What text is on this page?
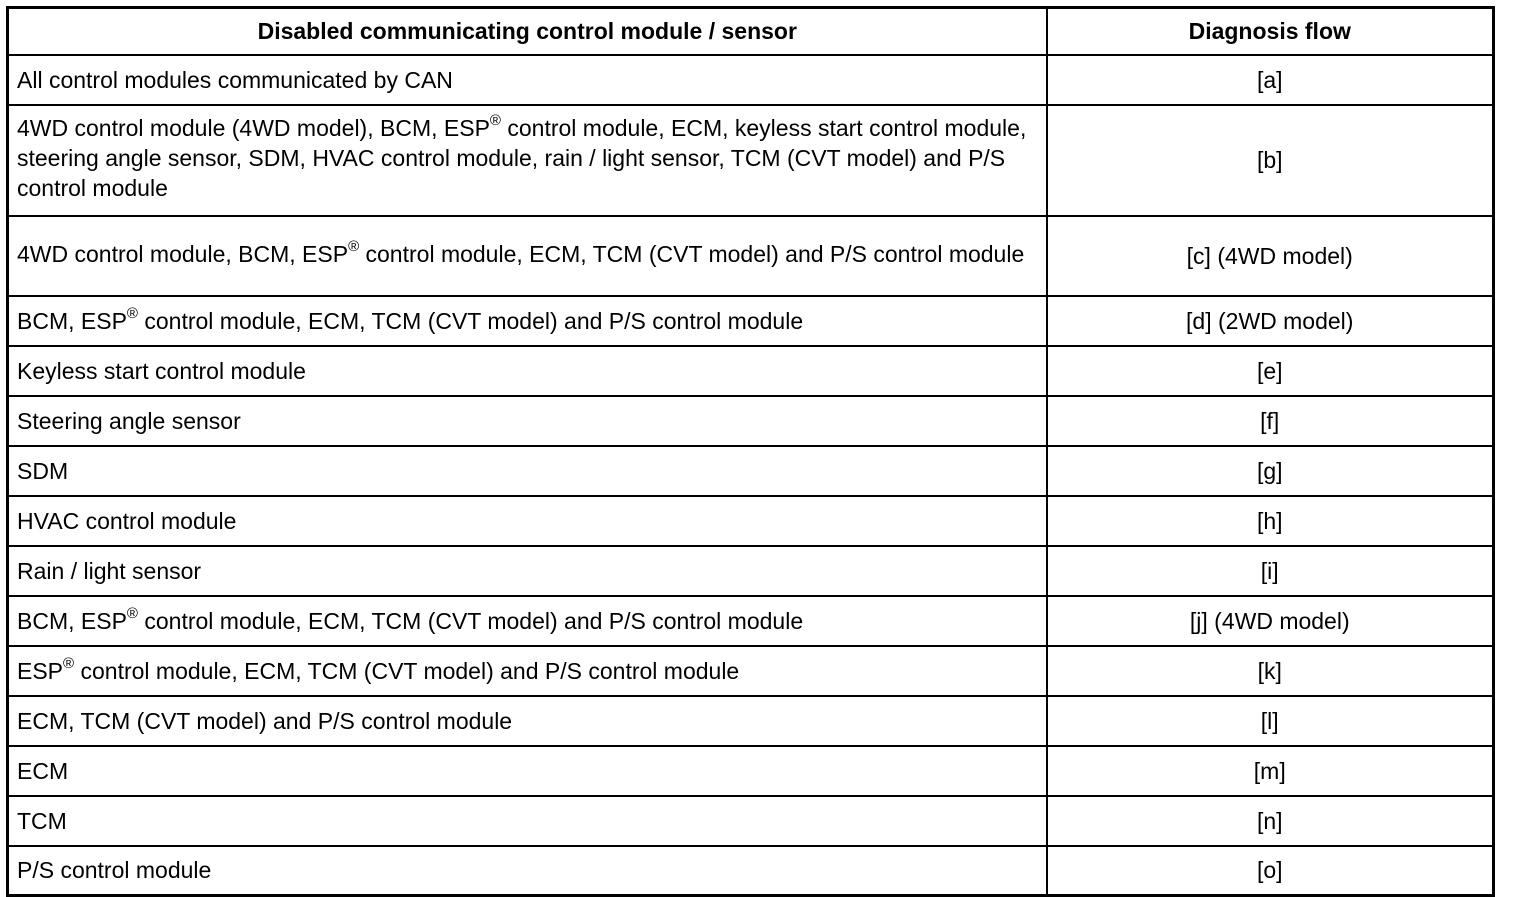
Disabled communicating control module / sensor	Diagnosis flow
All control modules communicated by CAN	[a]
4WD control module (4WD model), BCM, ESP® control module, ECM, keyless start control module, steering angle sensor, SDM, HVAC control module, rain / light sensor, TCM (CVT model) and P/S control module	[b]
4WD control module, BCM, ESP® control module, ECM, TCM (CVT model) and P/S control module	[c] (4WD model)
BCM, ESP® control module, ECM, TCM (CVT model) and P/S control module	[d] (2WD model)
Keyless start control module	[e]
Steering angle sensor	[f]
SDM	[g]
HVAC control module	[h]
Rain / light sensor	[i]
BCM, ESP® control module, ECM, TCM (CVT model) and P/S control module	[j] (4WD model)
ESP® control module, ECM, TCM (CVT model) and P/S control module	[k]
ECM, TCM (CVT model) and P/S control module	[l]
ECM	[m]
TCM	[n]
P/S control module	[o]
